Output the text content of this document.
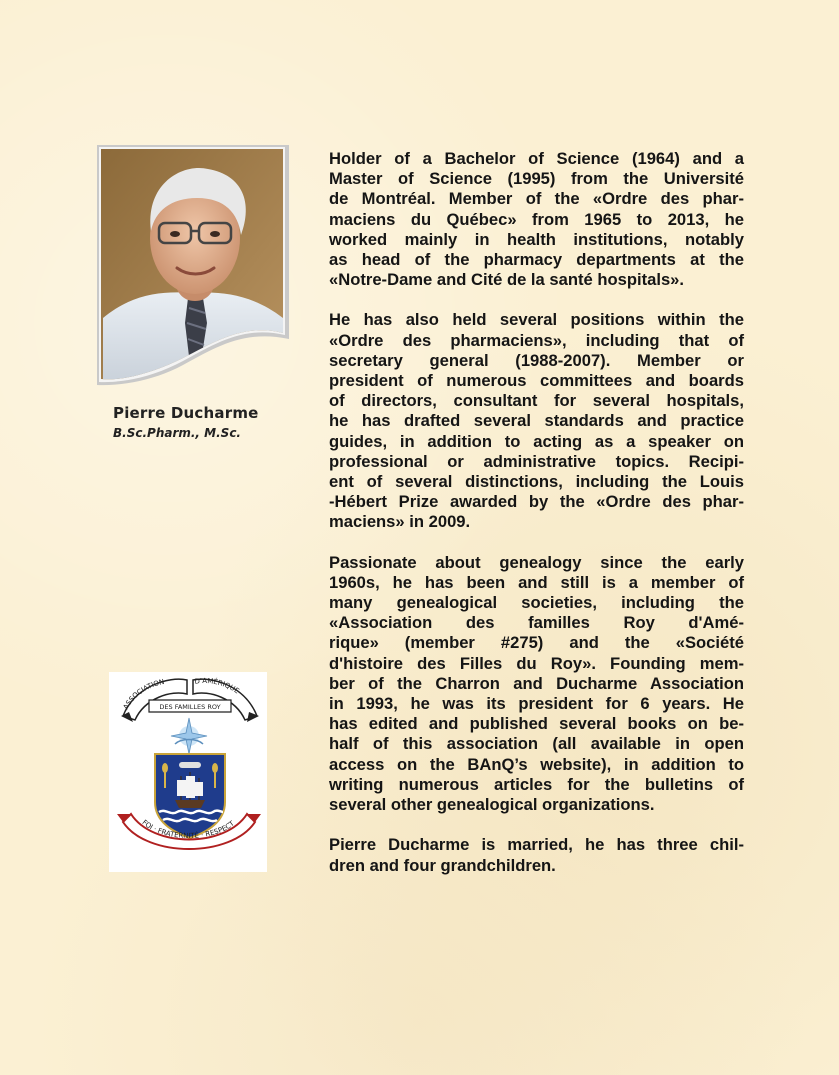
Pierre Ducharme
B.Sc.Pharm., M.Sc.
ASSOCIATION	D'AMÉRIQUE
DES FAMILLES ROY
FOI · FRATERNITÉ · RESPECT
Holder of a Bachelor of Science (1964) and a
Master of Science (1995) from the Université
de Montréal. Member of the «Ordre des phar-
maciens du Québec» from 1965 to 2013, he
worked mainly in health institutions, notably
as head of the pharmacy departments at the
«Notre-Dame and Cité de la santé hospitals».
He has also held several positions within the
«Ordre des pharmaciens», including that of
secretary general (1988-2007). Member or
president of numerous committees and boards
of directors, consultant for several hospitals,
he has drafted several standards and practice
guides, in addition to acting as a speaker on
professional or administrative topics. Recipi-
ent of several distinctions, including the Louis
-Hébert Prize awarded by the «Ordre des phar-
maciens» in 2009.
Passionate about genealogy since the early
1960s, he has been and still is a member of
many genealogical societies, including the
«Association des familles Roy d'Amé-
rique» (member #275) and the «Société
d'histoire des Filles du Roy». Founding mem-
ber of the Charron and Ducharme Association
in 1993, he was its president for 6 years. He
has edited and published several books on be-
half of this association (all available in open
access on the BAnQ’s website), in addition to
writing numerous articles for the bulletins of
several other genealogical organizations.
Pierre Ducharme is married, he has three chil-
dren and four grandchildren.
